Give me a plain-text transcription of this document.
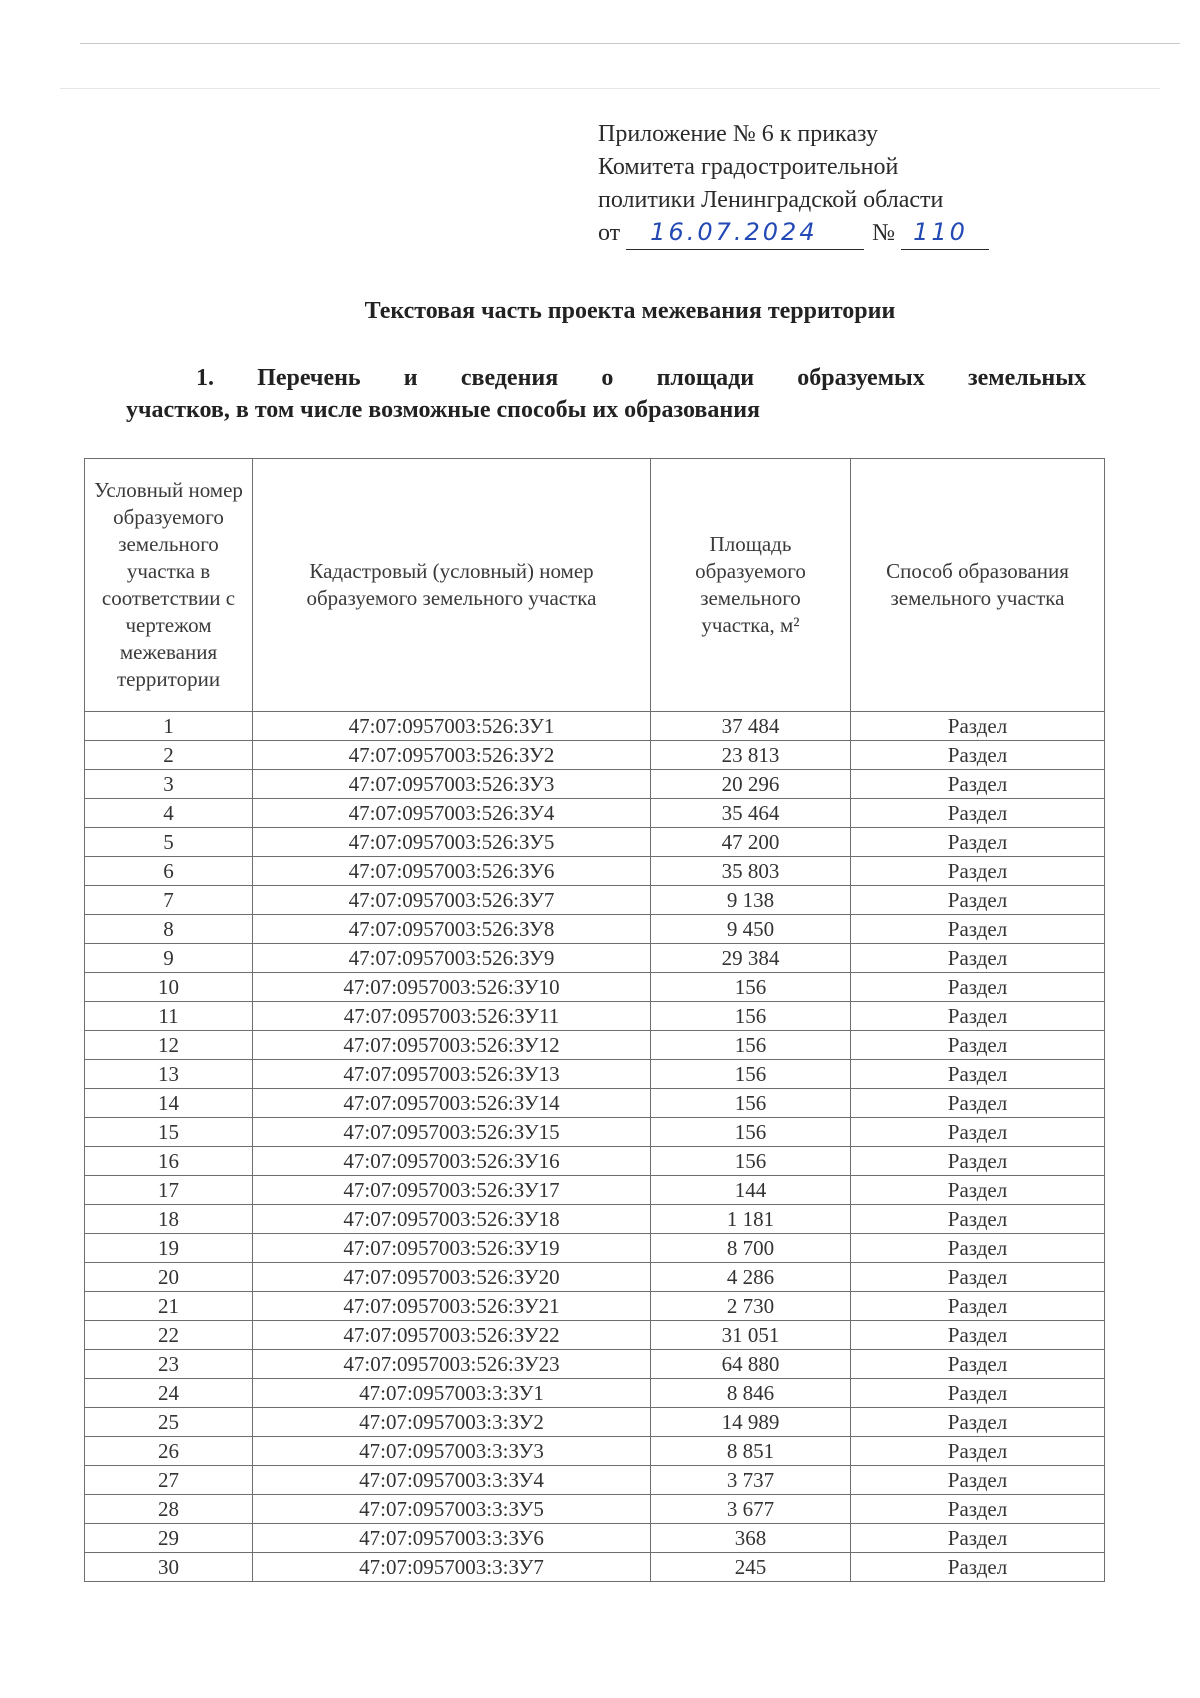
Приложение № 6 к приказу
Комитета градостроительной
политики Ленинградской области
от 16.07.2024 № 110
Текстовая часть проекта межевания территории
1. Перечень и сведения о площади образуемых земельных
участков, в том числе возможные способы их образования
Условный номер образуемого земельного участка в соответствии с чертежом межевания территории	Кадастровый (условный) номер образуемого земельного участка	Площадь образуемого земельного участка, м²	Способ образования земельного участка
1	47:07:0957003:526:ЗУ1	37 484	Раздел
2	47:07:0957003:526:ЗУ2	23 813	Раздел
3	47:07:0957003:526:ЗУ3	20 296	Раздел
4	47:07:0957003:526:ЗУ4	35 464	Раздел
5	47:07:0957003:526:ЗУ5	47 200	Раздел
6	47:07:0957003:526:ЗУ6	35 803	Раздел
7	47:07:0957003:526:ЗУ7	9 138	Раздел
8	47:07:0957003:526:ЗУ8	9 450	Раздел
9	47:07:0957003:526:ЗУ9	29 384	Раздел
10	47:07:0957003:526:ЗУ10	156	Раздел
11	47:07:0957003:526:ЗУ11	156	Раздел
12	47:07:0957003:526:ЗУ12	156	Раздел
13	47:07:0957003:526:ЗУ13	156	Раздел
14	47:07:0957003:526:ЗУ14	156	Раздел
15	47:07:0957003:526:ЗУ15	156	Раздел
16	47:07:0957003:526:ЗУ16	156	Раздел
17	47:07:0957003:526:ЗУ17	144	Раздел
18	47:07:0957003:526:ЗУ18	1 181	Раздел
19	47:07:0957003:526:ЗУ19	8 700	Раздел
20	47:07:0957003:526:ЗУ20	4 286	Раздел
21	47:07:0957003:526:ЗУ21	2 730	Раздел
22	47:07:0957003:526:ЗУ22	31 051	Раздел
23	47:07:0957003:526:ЗУ23	64 880	Раздел
24	47:07:0957003:3:ЗУ1	8 846	Раздел
25	47:07:0957003:3:ЗУ2	14 989	Раздел
26	47:07:0957003:3:ЗУ3	8 851	Раздел
27	47:07:0957003:3:ЗУ4	3 737	Раздел
28	47:07:0957003:3:ЗУ5	3 677	Раздел
29	47:07:0957003:3:ЗУ6	368	Раздел
30	47:07:0957003:3:ЗУ7	245	Раздел
